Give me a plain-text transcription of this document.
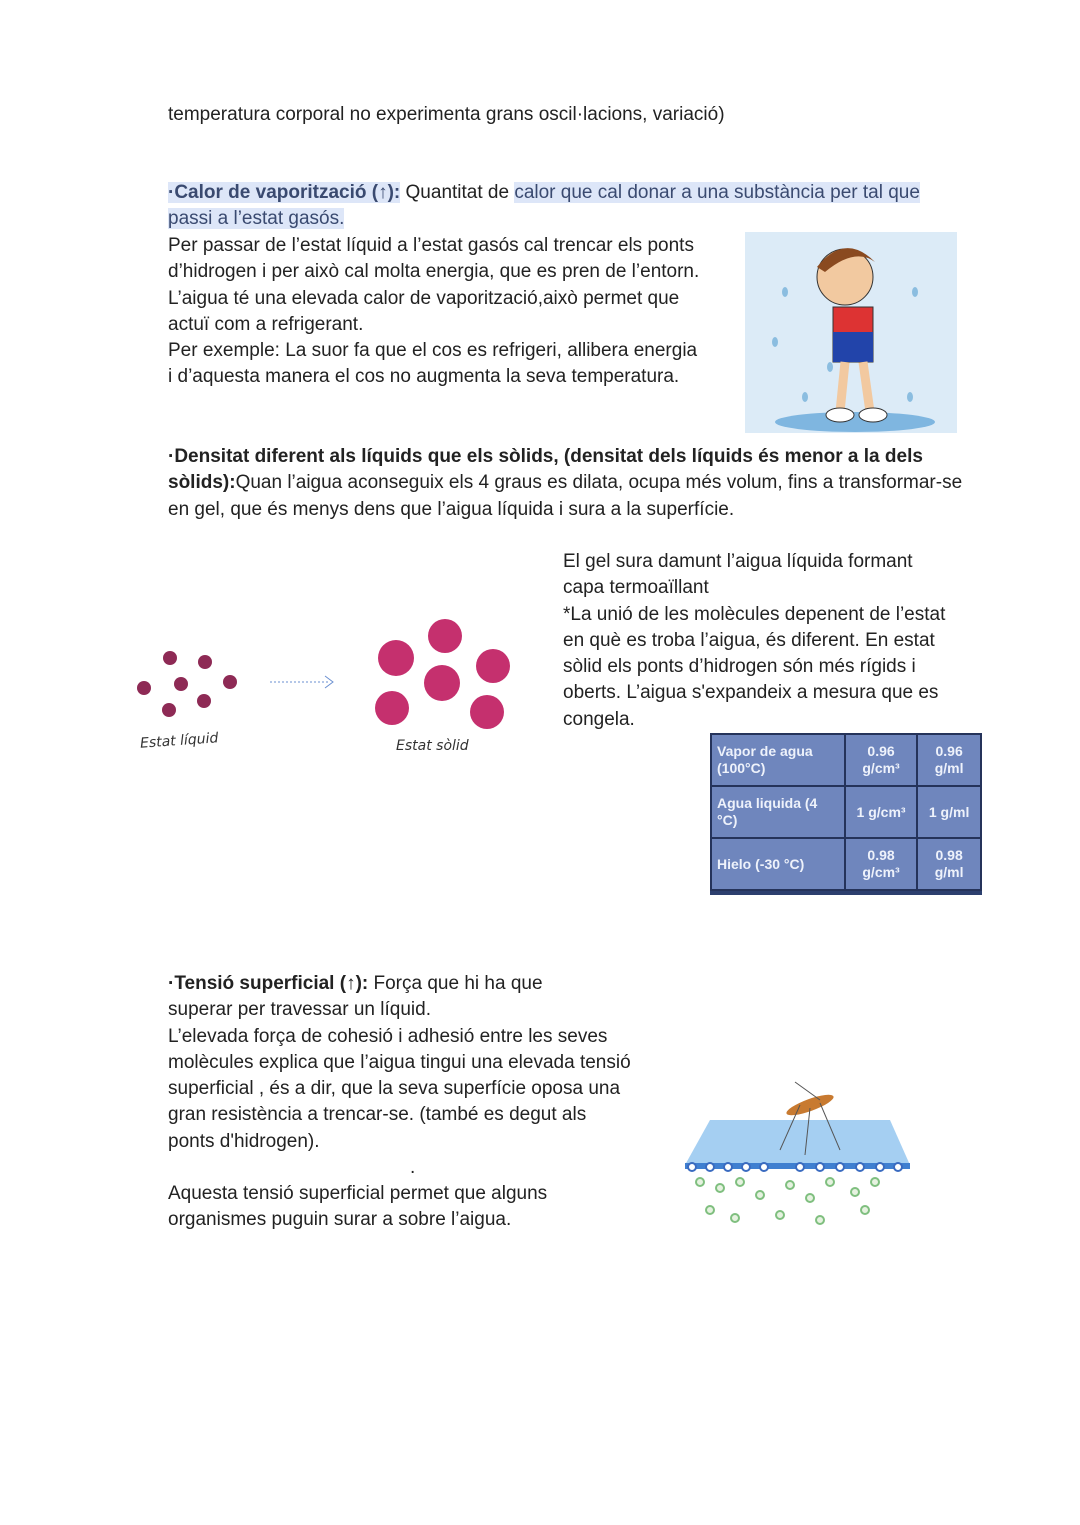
temperatura corporal no experimenta grans oscil·lacions, variació)

·Calor de vaporització (↑): Quantitat de calor que cal donar a una substància per tal que passi a l’estat gasós.

Per passar de l’estat líquid a l’estat gasós cal trencar els ponts
d’hidrogen i per això cal molta energia, que es pren de l’entorn.
L’aigua té una elevada calor de vaporització,això permet que
actuï com a refrigerant.
Per exemple: La suor fa que el cos es refrigeri, allibera energia
i d’aquesta manera el cos no augmenta la seva temperatura.

·Densitat diferent als líquids que els sòlids, (densitat dels líquids és menor a la dels sòlids):Quan l’aigua aconseguix els 4 graus es dilata, ocupa més volum, fins a transformar-se en gel, que és menys dens que l’aigua líquida i sura a la superfície.

Estat líquid	Estat sòlid
El gel sura damunt l’aigua líquida formant
capa termoaïllant
*La unió de les molècules depenent de l’estat
en què es troba l’aigua, és diferent. En estat
sòlid els ponts d’hidrogen són més rígids i
oberts. L’aigua s'expandeix a mesura que es
congela.
Vapor de agua (100°C)	0.96 g/cm³	0.96 g/ml
Agua liquida (4 °C)	1 g/cm³	1 g/ml
Hielo (-30 °C)	0.98 g/cm³	0.98 g/ml
·Tensió superficial (↑): Força que hi ha que
superar per travessar un líquid.
L’elevada força de cohesió i adhesió entre les seves
molècules explica que l’aigua tingui una elevada tensió
superficial , és a dir, que la seva superfície oposa una
gran resistència a trencar-se. (també es degut als
ponts d'hidrogen).
.
Aquesta tensió superficial permet que alguns
organismes puguin surar a sobre l’aigua.
